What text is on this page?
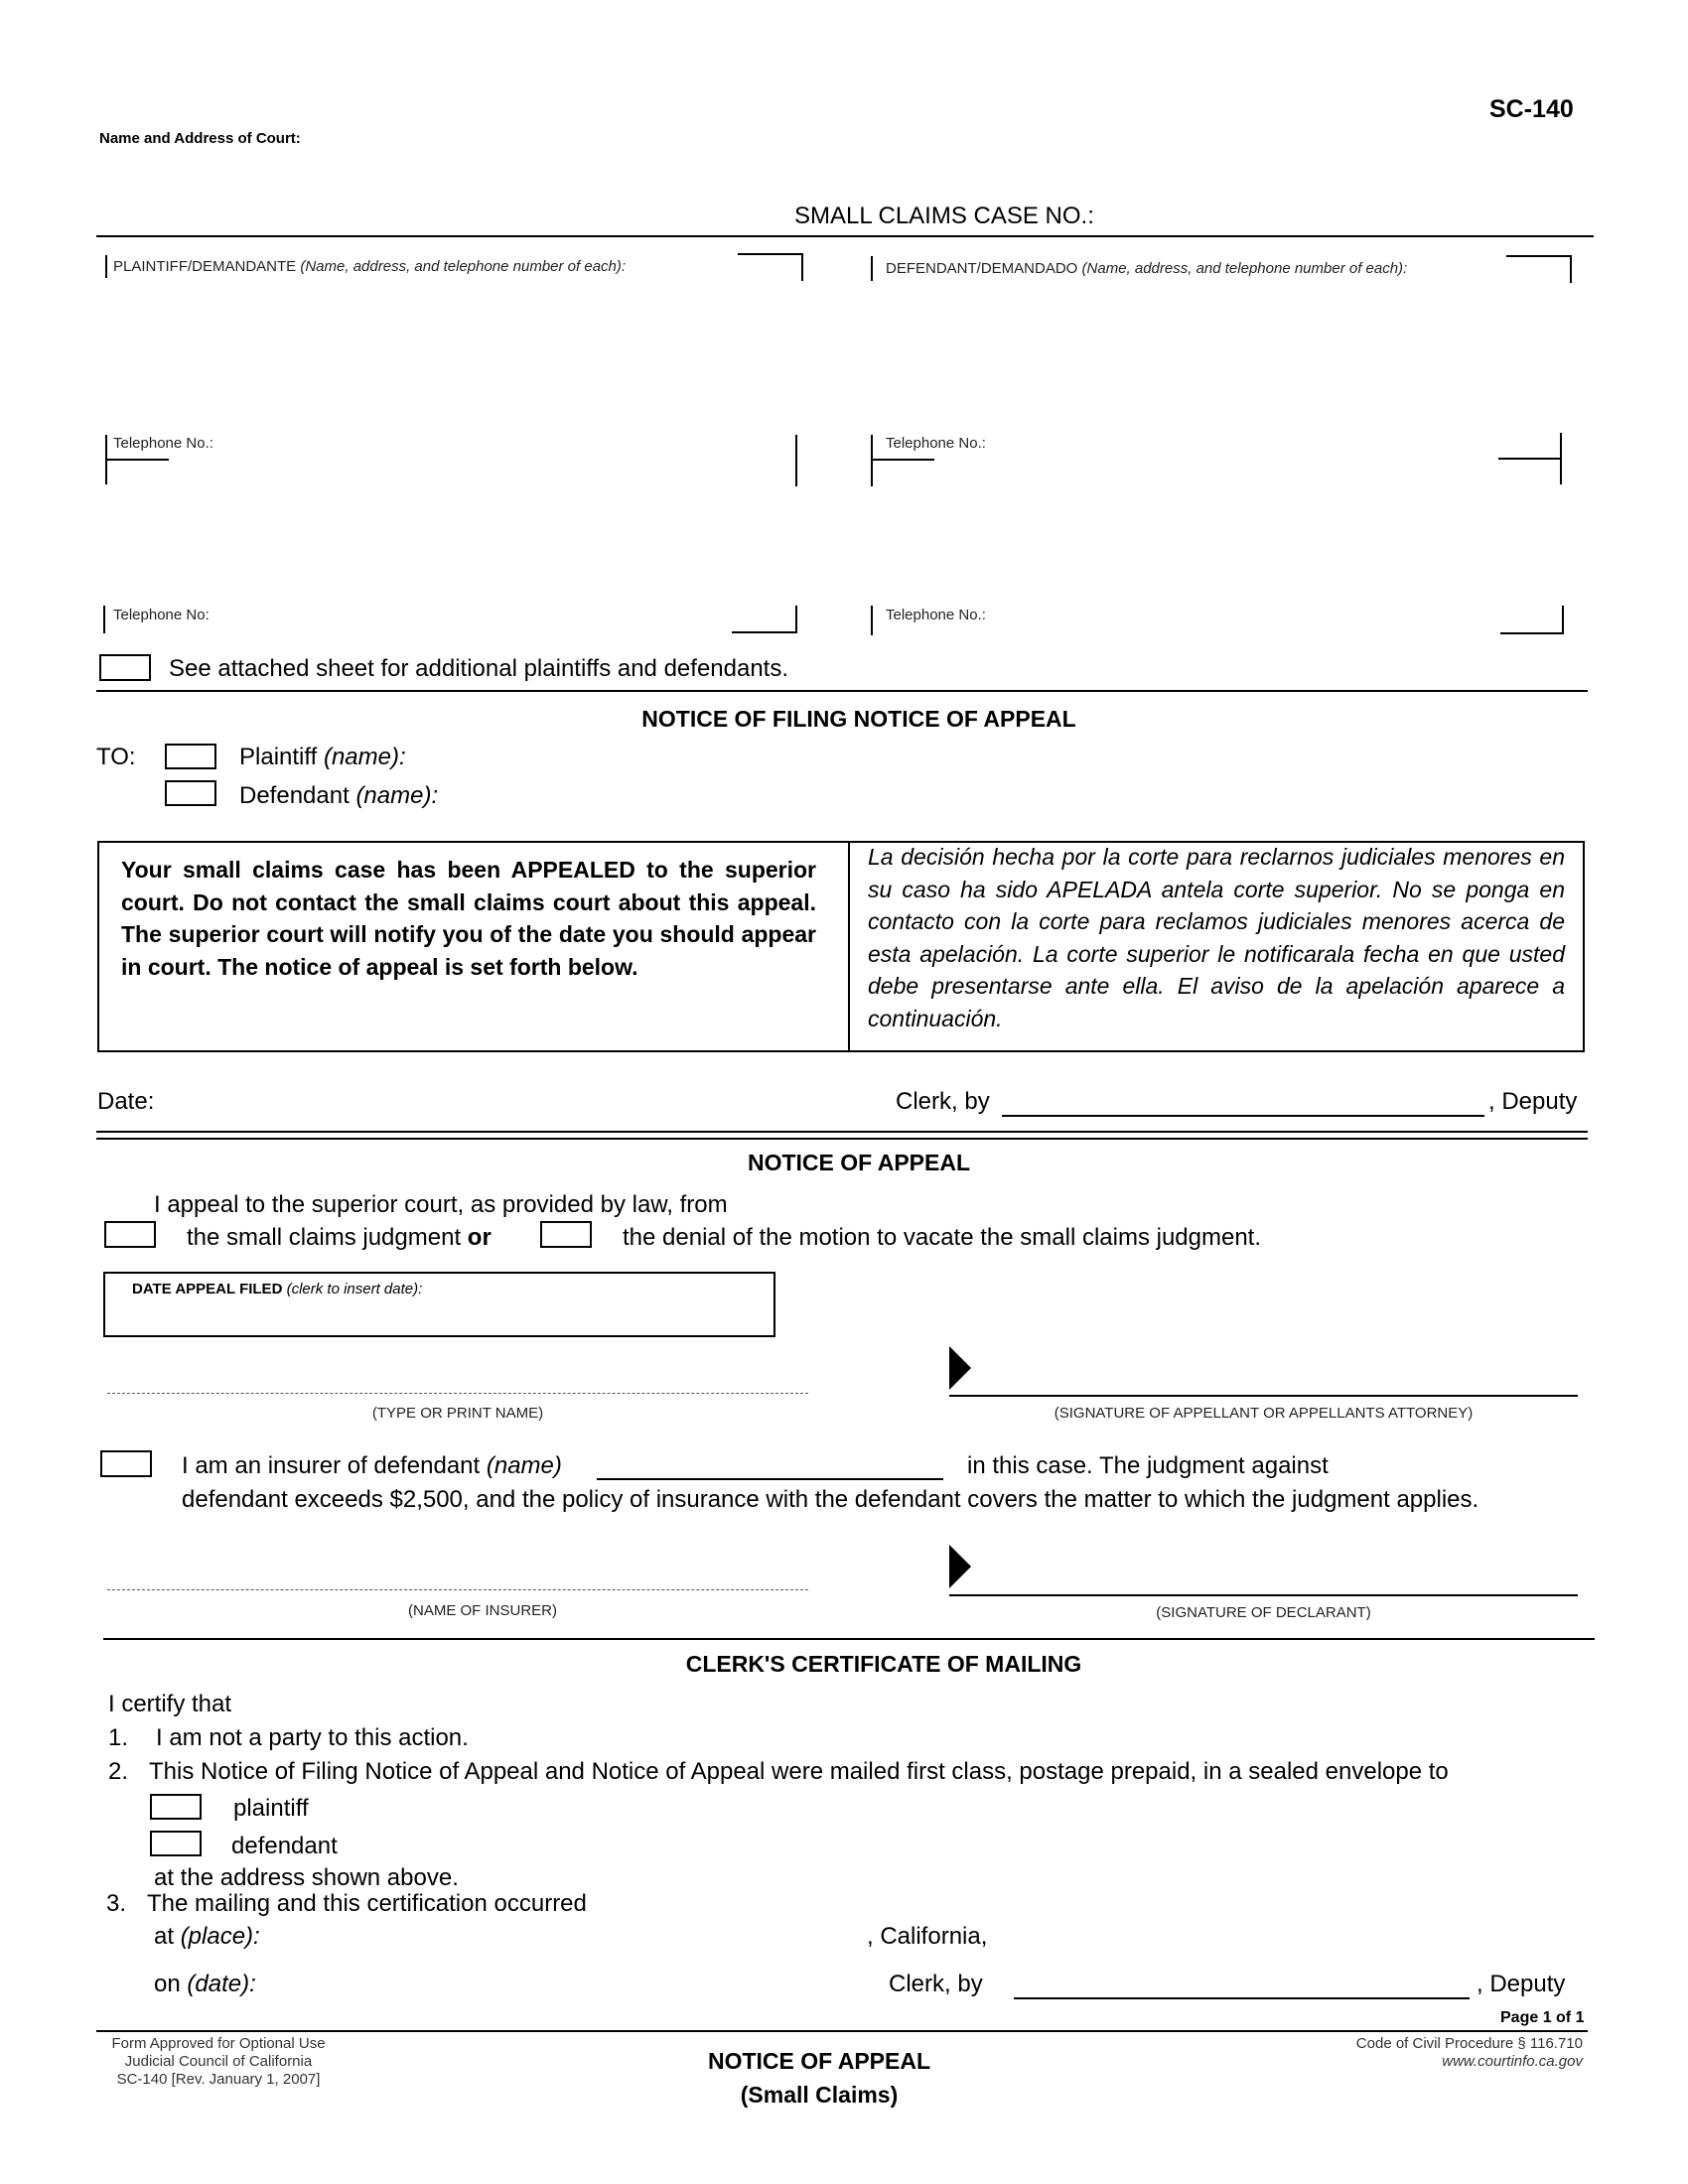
SC-140
Name and Address of Court:
SMALL CLAIMS CASE NO.:
PLAINTIFF/DEMANDANTE (Name, address, and telephone number of each):	DEFENDANT/DEMANDADO (Name, address, and telephone number of each):
Telephone No.:	Telephone No.:
Telephone No:	Telephone No.:
See attached sheet for additional plaintiffs and defendants.
NOTICE OF FILING NOTICE OF APPEAL
TO:	Plaintiff (name):
Defendant (name):
Your small claims case has been APPEALED to the superior court. Do not contact the small claims court about this appeal. The superior court will notify you of the date you should appear in court. The notice of appeal is set forth below.
La decisión hecha por la corte para reclarnos judiciales menores en su caso ha sido APELADA antela corte superior. No se ponga en contacto con la corte para reclamos judiciales menores acerca de esta apelación. La corte superior le notificarala fecha en que usted debe presentarse ante ella. El aviso de la apelación aparece a continuación.
Date:	Clerk, by	, Deputy
NOTICE OF APPEAL
I appeal to the superior court, as provided by law, from
the small claims judgment or	the denial of the motion to vacate the small claims judgment.
DATE APPEAL FILED (clerk to insert date):
(TYPE OR PRINT NAME)	(SIGNATURE OF APPELLANT OR APPELLANTS ATTORNEY)
I am an insurer of defendant (name)	in this case. The judgment against
defendant exceeds $2,500, and the policy of insurance with the defendant covers the matter to which the judgment applies.
(NAME OF INSURER)	(SIGNATURE OF DECLARANT)
CLERK'S CERTIFICATE OF MAILING
I certify that
1. I am not a party to this action.
2. This Notice of Filing Notice of Appeal and Notice of Appeal were mailed first class, postage prepaid, in a sealed envelope to
plaintiff
defendant
at the address shown above.
3. The mailing and this certification occurred
at (place):	, California,
on (date):	Clerk, by	, Deputy
Page 1 of 1
Form Approved for Optional Use
Judicial Council of California
SC-140 [Rev. January 1, 2007]
NOTICE OF APPEAL
(Small Claims)
Code of Civil Procedure § 116.710
www.courtinfo.ca.gov
